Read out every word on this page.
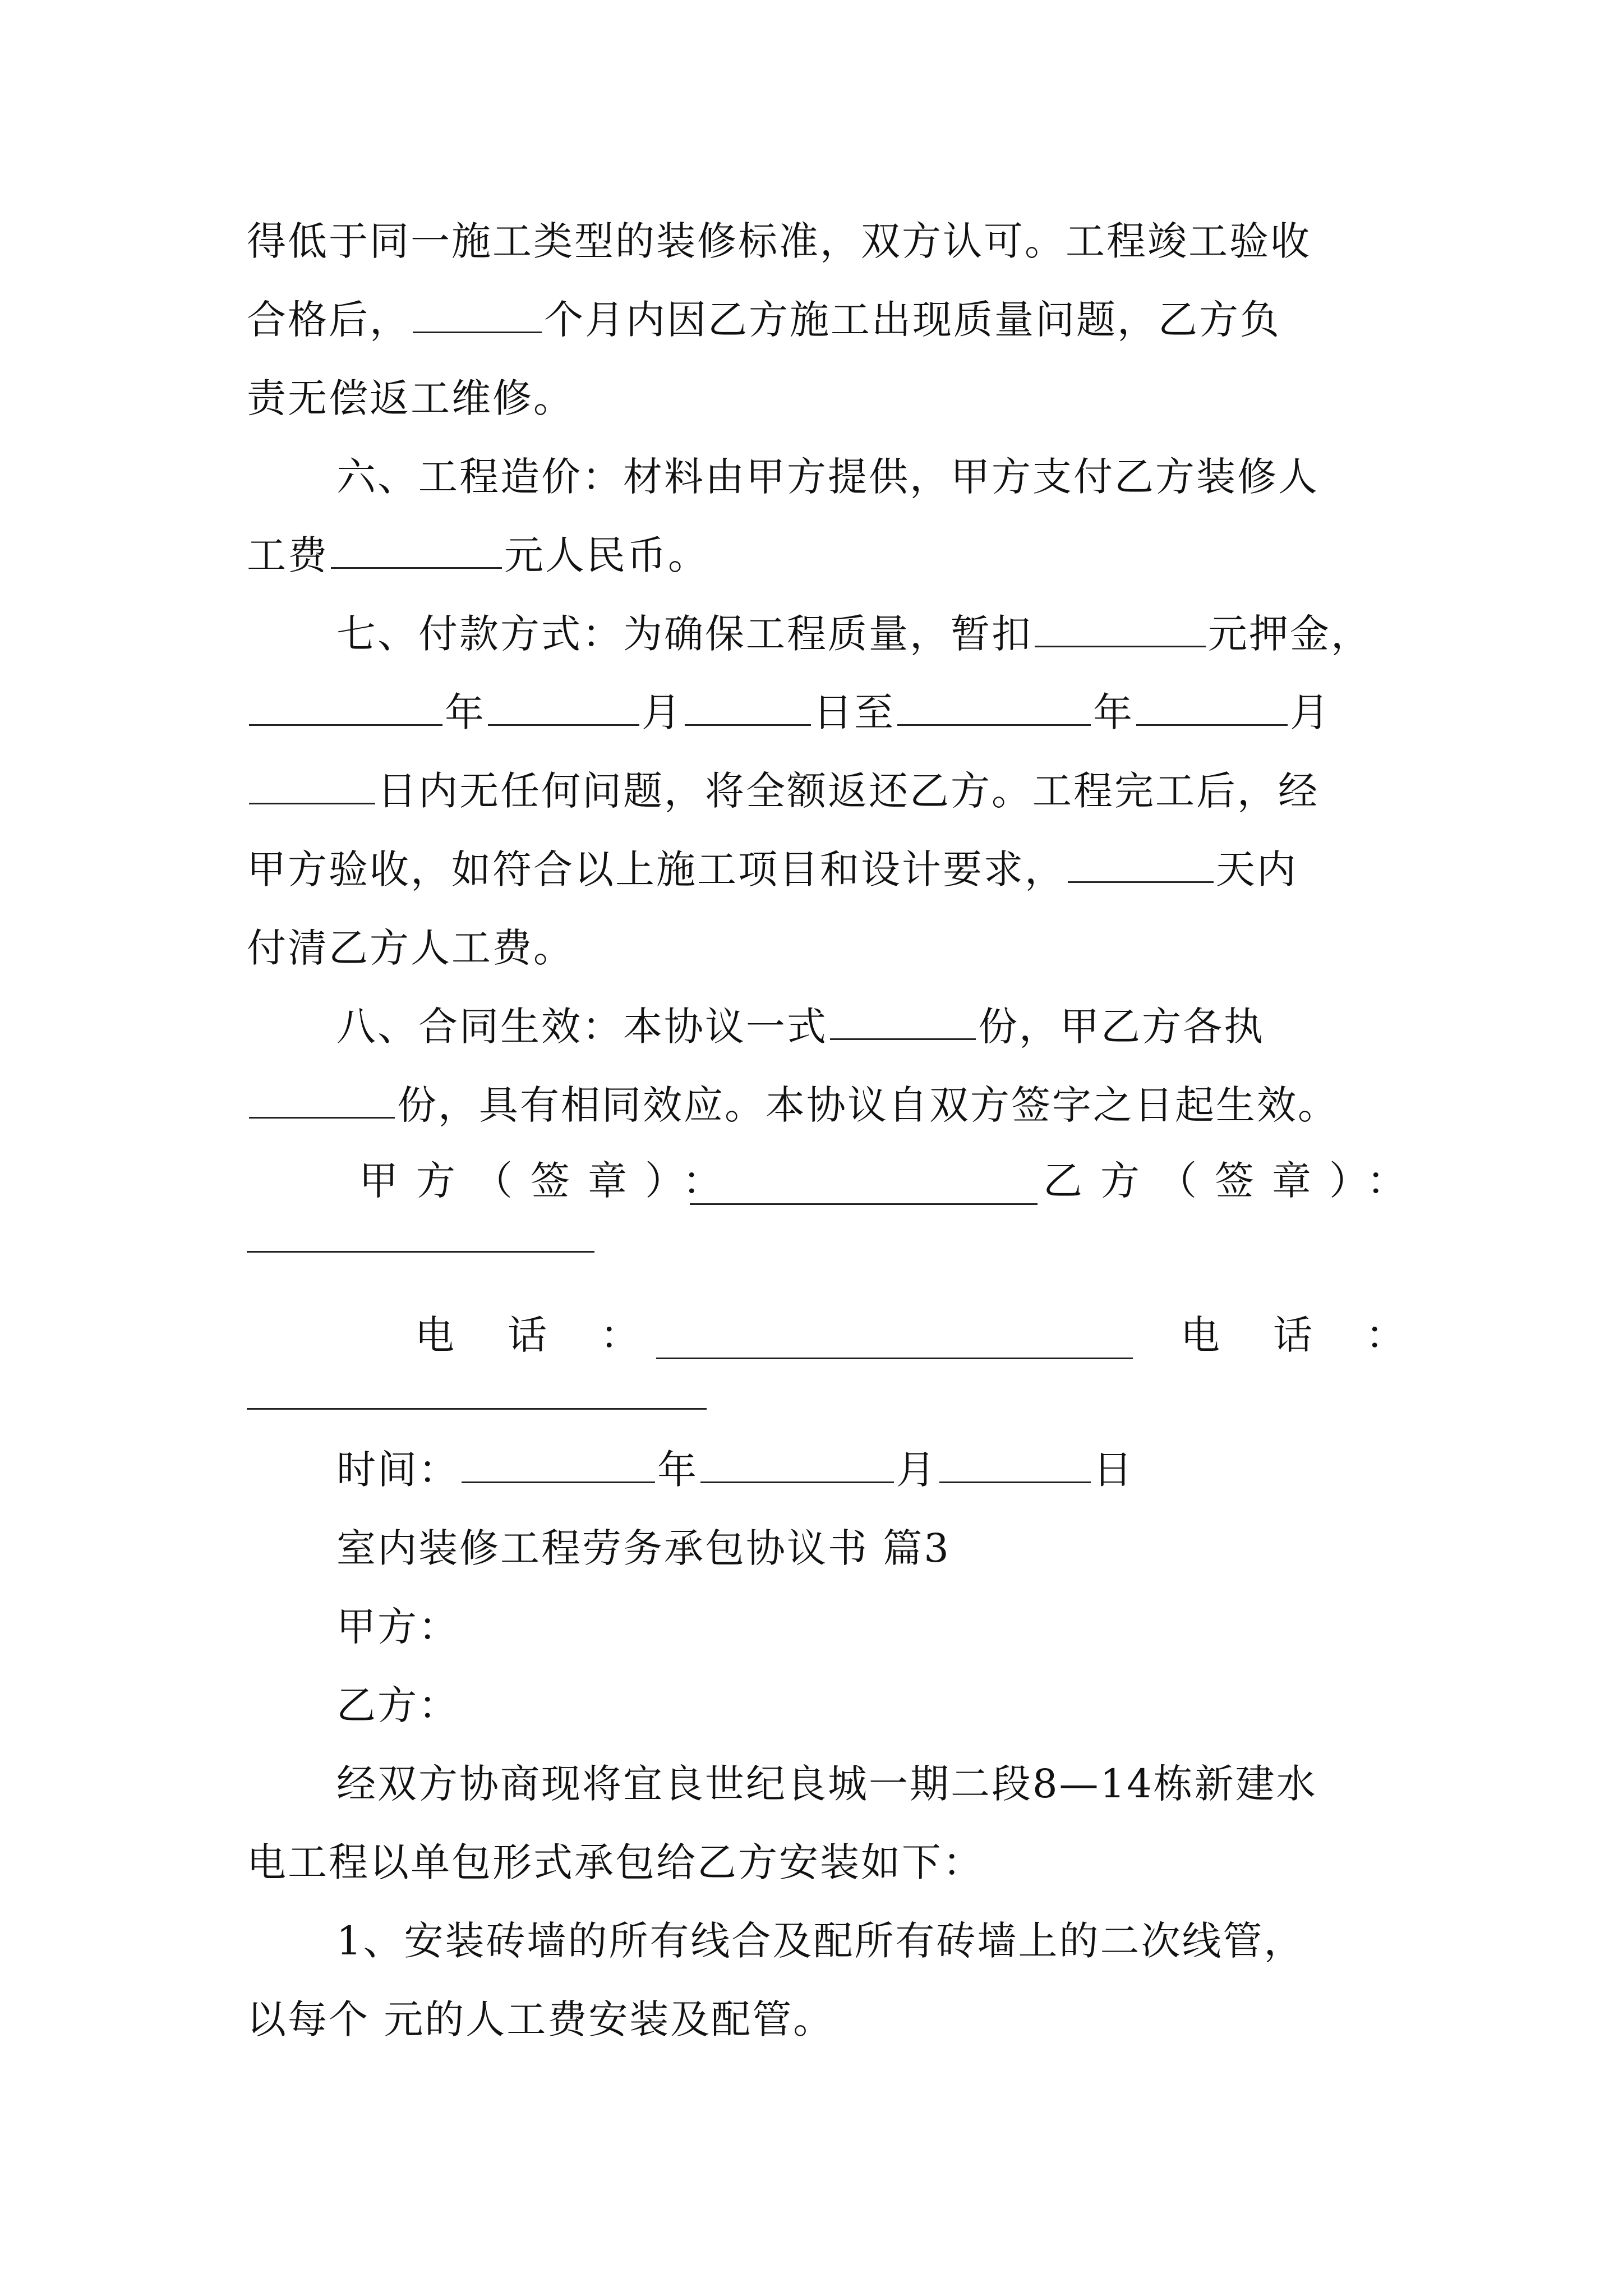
得低于同一施工类型的装修标准，双方认可。工程竣工验收
合格后，	个月内因乙方施工出现质量问题，乙方负
责无偿返工维修。
六、工程造价：材料由甲方提供，甲方支付乙方装修人
工费	元人民币。
七、付款方式：为确保工程质量，暂扣	元押金，
年	月	日至	年	月
日内无任何问题，将全额返还乙方。工程完工后，经
甲方验收，如符合以上施工项目和设计要求，	天内
付清乙方人工费。
八、合同生效：本协议一式	份，甲乙方各执
份，具有相同效应。本协议自双方签字之日起生效。
甲方（签章）：	乙方（签章）：
电话：	电话：
时间：	年	月	日
室内装修工程劳务承包协议书 篇3
甲方：
乙方：
经双方协商现将宜良世纪良城一期二段8—14栋新建水
电工程以单包形式承包给乙方安装如下：
1、安装砖墙的所有线合及配所有砖墙上的二次线管，
以每个 元的人工费安装及配管。
